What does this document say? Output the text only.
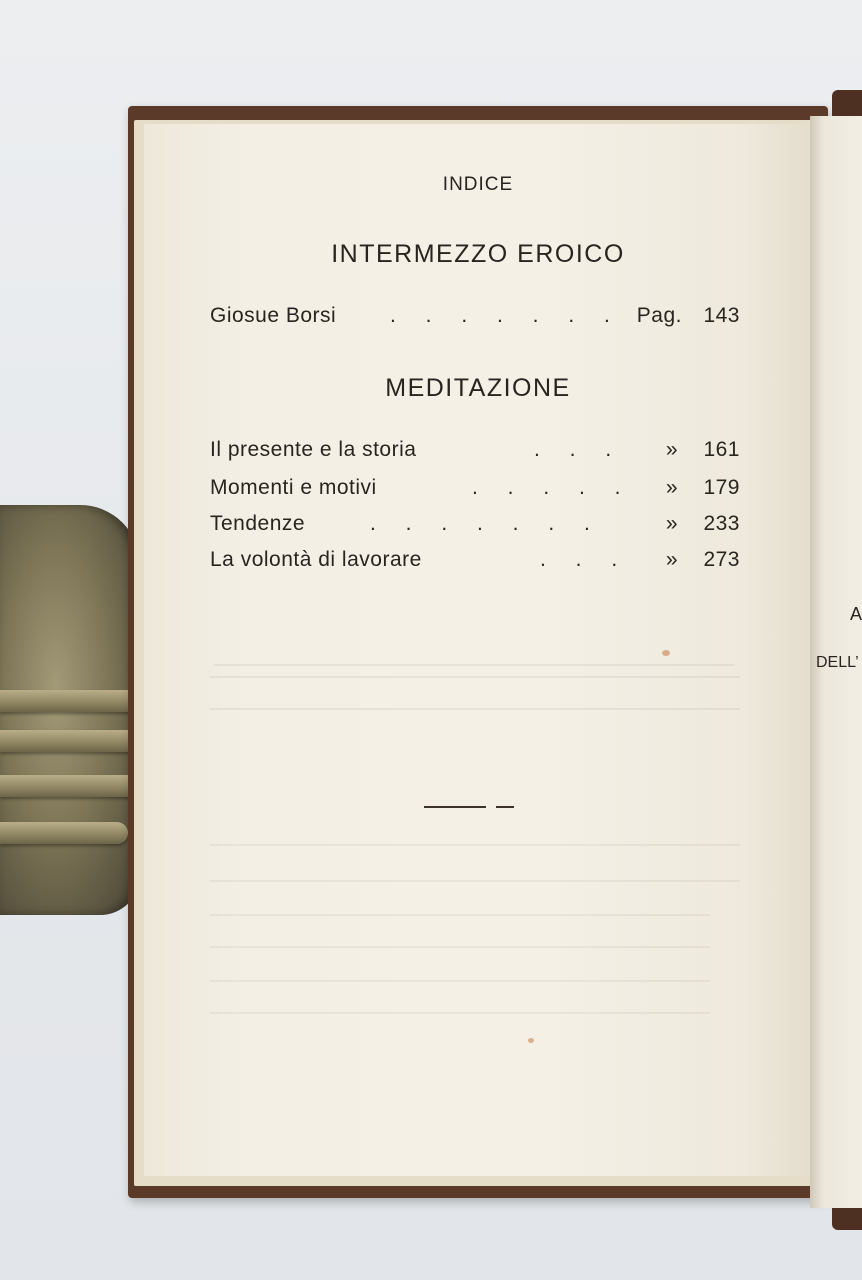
INDICE
INTERMEZZO EROICO
Giosue Borsi	. . . . . . . Pag. 143
MEDITAZIONE
Il presente e la storia	. . . » 161
Momenti e motivi	. . . . . » 179
Tendenze	. . . . . . .	» 233
La volontà di lavorare	. . . » 273
A
DELL’
